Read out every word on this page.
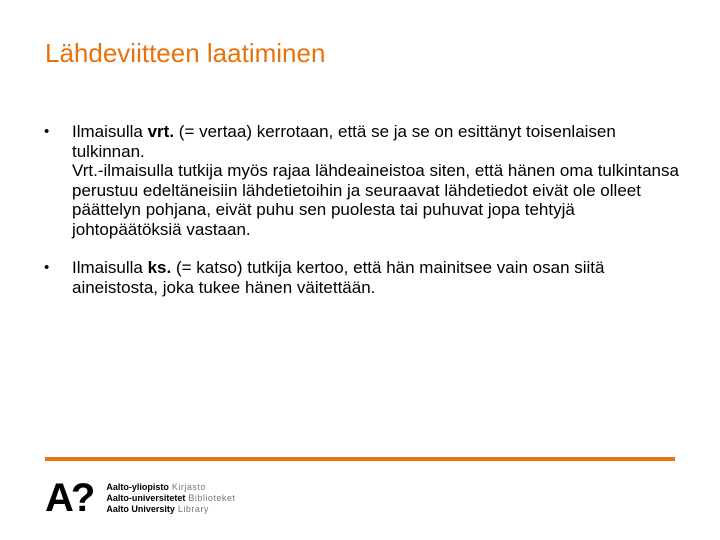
Lähdeviitteen laatiminen
• Ilmaisulla vrt. (= vertaa) kerrotaan, että se ja se on esittänyt toisenlaisen tulkinnan.

Vrt.-ilmaisulla tutkija myös rajaa lähdeaineistoa siten, että hänen oma tulkintansa perustuu edeltäneisiin lähdetietoihin ja seuraavat lähdetiedot eivät ole olleet päättelyn pohjana, eivät puhu sen puolesta tai puhuvat jopa tehtyjä johtopäätöksiä vastaan.

• Ilmaisulla ks. (= katso) tutkija kertoo, että hän mainitsee vain osan siitä aineistosta, joka tukee hänen väitettään.

A? Aalto-yliopisto Kirjasto
Aalto-universitetet Biblioteket
Aalto University Library
